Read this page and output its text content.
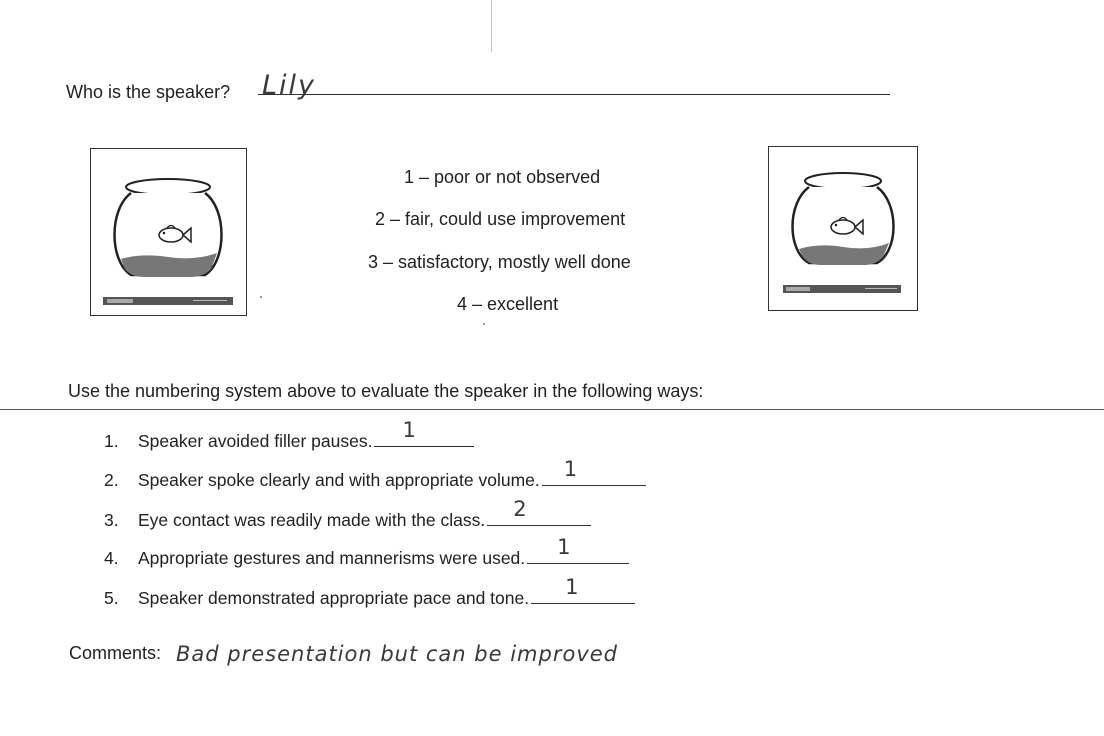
Who is the speaker? Lily
1 – poor or not observed
2 – fair, could use improvement
3 – satisfactory, mostly well done
4 – excellent
Use the numbering system above to evaluate the speaker in the following ways:
1. Speaker avoided filler pauses. 1
2. Speaker spoke clearly and with appropriate volume. 1
3. Eye contact was readily made with the class. 2
4. Appropriate gestures and mannerisms were used. 1
5. Speaker demonstrated appropriate pace and tone. 1
Comments: Bad presentation but can be improved
